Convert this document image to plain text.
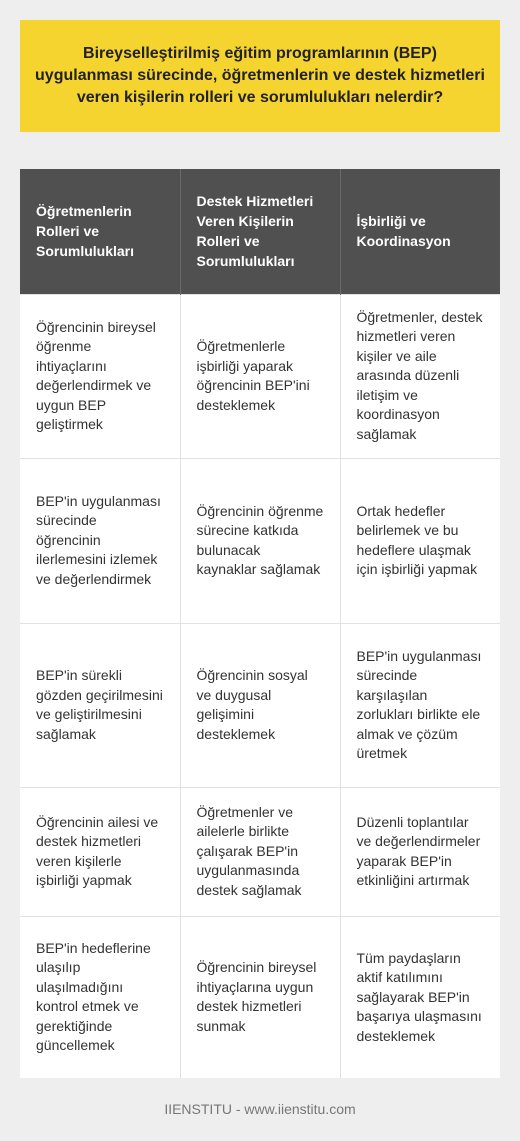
Bireyselleştirilmiş eğitim programlarının (BEP) uygulanması sürecinde, öğretmenlerin ve destek hizmetleri veren kişilerin rolleri ve sorumlulukları nelerdir?
Öğretmenlerin Rolleri ve Sorumlulukları	Destek Hizmetleri Veren Kişilerin Rolleri ve Sorumlulukları	İşbirliği ve Koordinasyon
Öğrencinin bireysel öğrenme ihtiyaçlarını değerlendirmek ve uygun BEP geliştirmek	Öğretmenlerle işbirliği yaparak öğrencinin BEP'ini desteklemek	Öğretmenler, destek hizmetleri veren kişiler ve aile arasında düzenli iletişim ve koordinasyon sağlamak
BEP'in uygulanması sürecinde öğrencinin ilerlemesini izlemek ve değerlendirmek	Öğrencinin öğrenme sürecine katkıda bulunacak kaynaklar sağlamak	Ortak hedefler belirlemek ve bu hedeflere ulaşmak için işbirliği yapmak
BEP'in sürekli gözden geçirilmesini ve geliştirilmesini sağlamak	Öğrencinin sosyal ve duygusal gelişimini desteklemek	BEP'in uygulanması sürecinde karşılaşılan zorlukları birlikte ele almak ve çözüm üretmek
Öğrencinin ailesi ve destek hizmetleri veren kişilerle işbirliği yapmak	Öğretmenler ve ailelerle birlikte çalışarak BEP'in uygulanmasında destek sağlamak	Düzenli toplantılar ve değerlendirmeler yaparak BEP'in etkinliğini artırmak
BEP'in hedeflerine ulaşılıp ulaşılmadığını kontrol etmek ve gerektiğinde güncellemek	Öğrencinin bireysel ihtiyaçlarına uygun destek hizmetleri sunmak	Tüm paydaşların aktif katılımını sağlayarak BEP'in başarıya ulaşmasını desteklemek
IIENSTITU - www.iienstitu.com
